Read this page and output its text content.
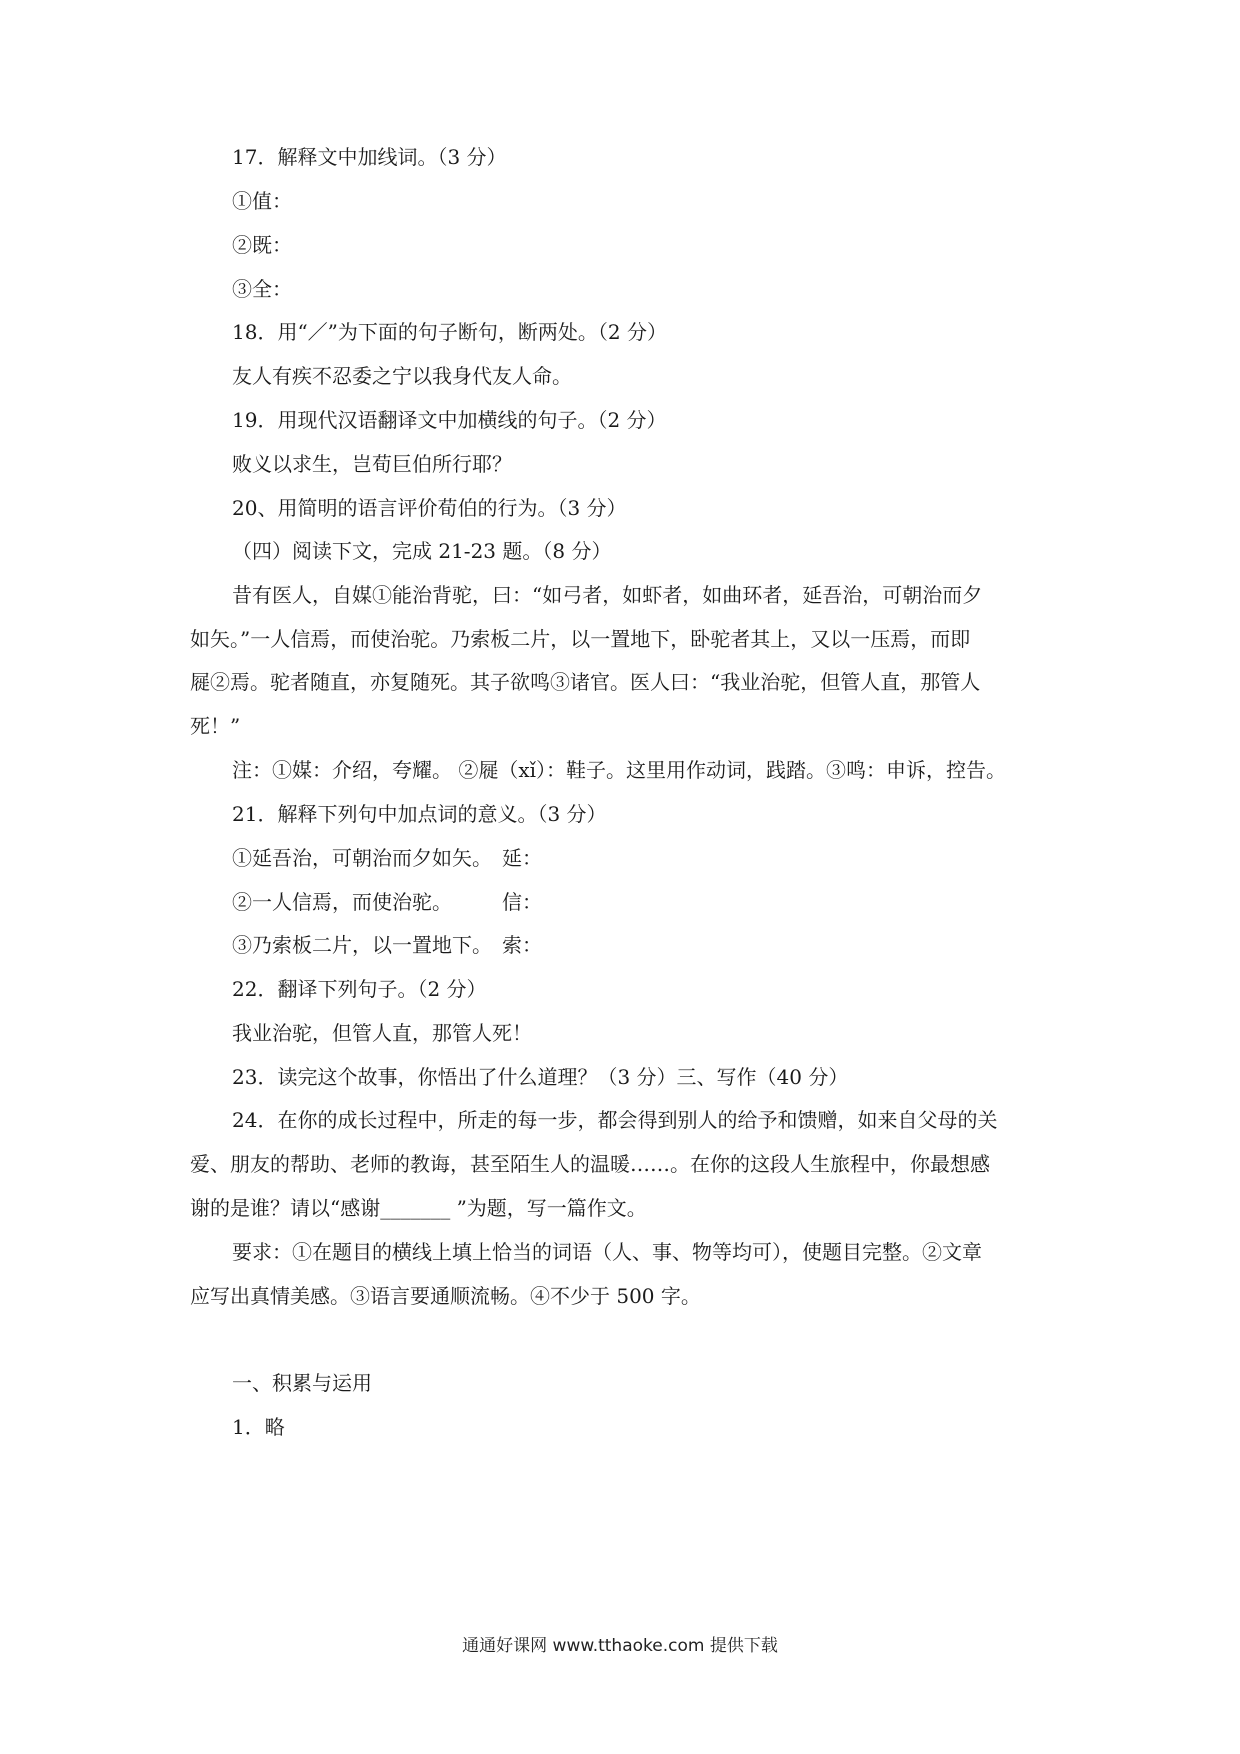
17．解释文中加线词。（3 分）

①值：

②既：

③全：

18．用“／”为下面的句子断句，断两处。（2 分）

友人有疾不忍委之宁以我身代友人命。

19．用现代汉语翻译文中加横线的句子。（2 分）

败义以求生，岂荀巨伯所行耶？

20、用简明的语言评价荀伯的行为。（3 分）

（四）阅读下文，完成 21-23 题。（8 分）

昔有医人，自媒①能治背驼，曰：“如弓者，如虾者，如曲环者，延吾治，可朝治而夕

如矢。”一人信焉，而使治驼。乃索板二片，以一置地下，卧驼者其上，又以一压焉，而即

屣②焉。驼者随直，亦复随死。其子欲鸣③诸官。医人曰：“我业治驼，但管人直，那管人

死！”

注：①媒：介绍，夸耀。 ②屣（xǐ）：鞋子。这里用作动词，践踏。③鸣：申诉，控告。

21．解释下列句中加点词的意义。（3 分）

①延吾治，可朝治而夕如矢。　延：

②一人信焉，而使治驼。　　　信：

③乃索板二片，以一置地下。　索：

22．翻译下列句子。（2 分）

我业治驼，但管人直，那管人死！

23．读完这个故事，你悟出了什么道理？（3 分）三、写作（40 分）

24．在你的成长过程中，所走的每一步，都会得到别人的给予和馈赠，如来自父母的关

爱、朋友的帮助、老师的教诲，甚至陌生人的温暖……。在你的这段人生旅程中，你最想感

谢的是谁？请以“感谢_______ ”为题，写一篇作文。

要求：①在题目的横线上填上恰当的词语（人、事、物等均可），使题目完整。②文章

应写出真情美感。③语言要通顺流畅。④不少于 500 字。

一、积累与运用

1．略

通通好课网 www.tthaoke.com 提供下载
